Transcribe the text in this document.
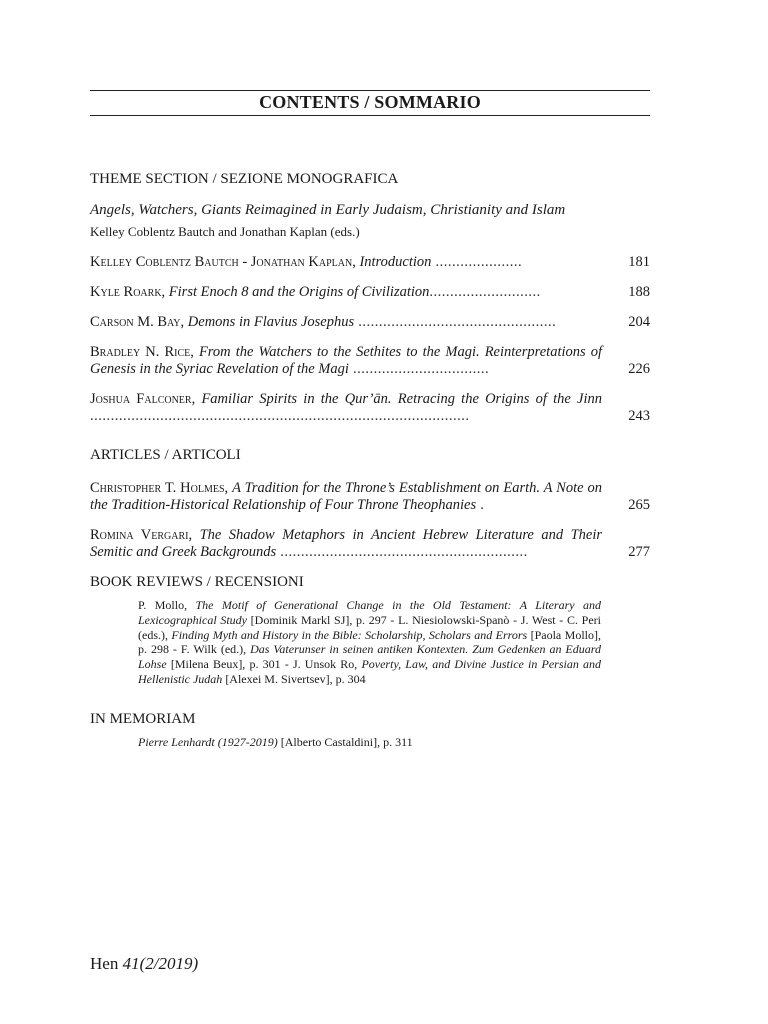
CONTENTS / SOMMARIO
THEME SECTION / SEZIONE MONOGRAFICA
Angels, Watchers, Giants Reimagined in Early Judaism, Christianity and Islam
Kelley Coblentz Bautch and Jonathan Kaplan (eds.)
Kelley Coblentz Bautch - Jonathan Kaplan, Introduction .....................	181
Kyle Roark, First Enoch 8 and the Origins of Civilization...........................	188
Carson M. Bay, Demons in Flavius Josephus ................................................	204
Bradley N. Rice, From the Watchers to the Sethites to the Magi. Reinterpretations of Genesis in the Syriac Revelation of the Magi .................................	226
Joshua Falconer, Familiar Spirits in the Qur’ān. Retracing the Origins of the Jinn ............................................................................................	243
ARTICLES / ARTICOLI
Christopher T. Holmes, A Tradition for the Throne’s Establishment on Earth. A Note on the Tradition-Historical Relationship of Four Throne Theophanies .	265
Romina Vergari, The Shadow Metaphors in Ancient Hebrew Literature and Their Semitic and Greek Backgrounds ............................................................	277
BOOK REVIEWS / RECENSIONI
P. Mollo, The Motif of Generational Change in the Old Testament: A Literary and Lexicographical Study [Dominik Markl SJ], p. 297 - L. Niesiolowski-Spanò - J. West - C. Peri (eds.), Finding Myth and History in the Bible: Scholarship, Scholars and Errors [Paola Mollo], p. 298 - F. Wilk (ed.), Das Vaterunser in seinen antiken Kontexten. Zum Gedenken an Eduard Lohse [Milena Beux], p. 301 - J. Unsok Ro, Poverty, Law, and Divine Justice in Persian and Hellenistic Judah [Alexei M. Sivertsev], p. 304
IN MEMORIAM
Pierre Lenhardt (1927-2019) [Alberto Castaldini], p. 311
Hen 41(2/2019)
